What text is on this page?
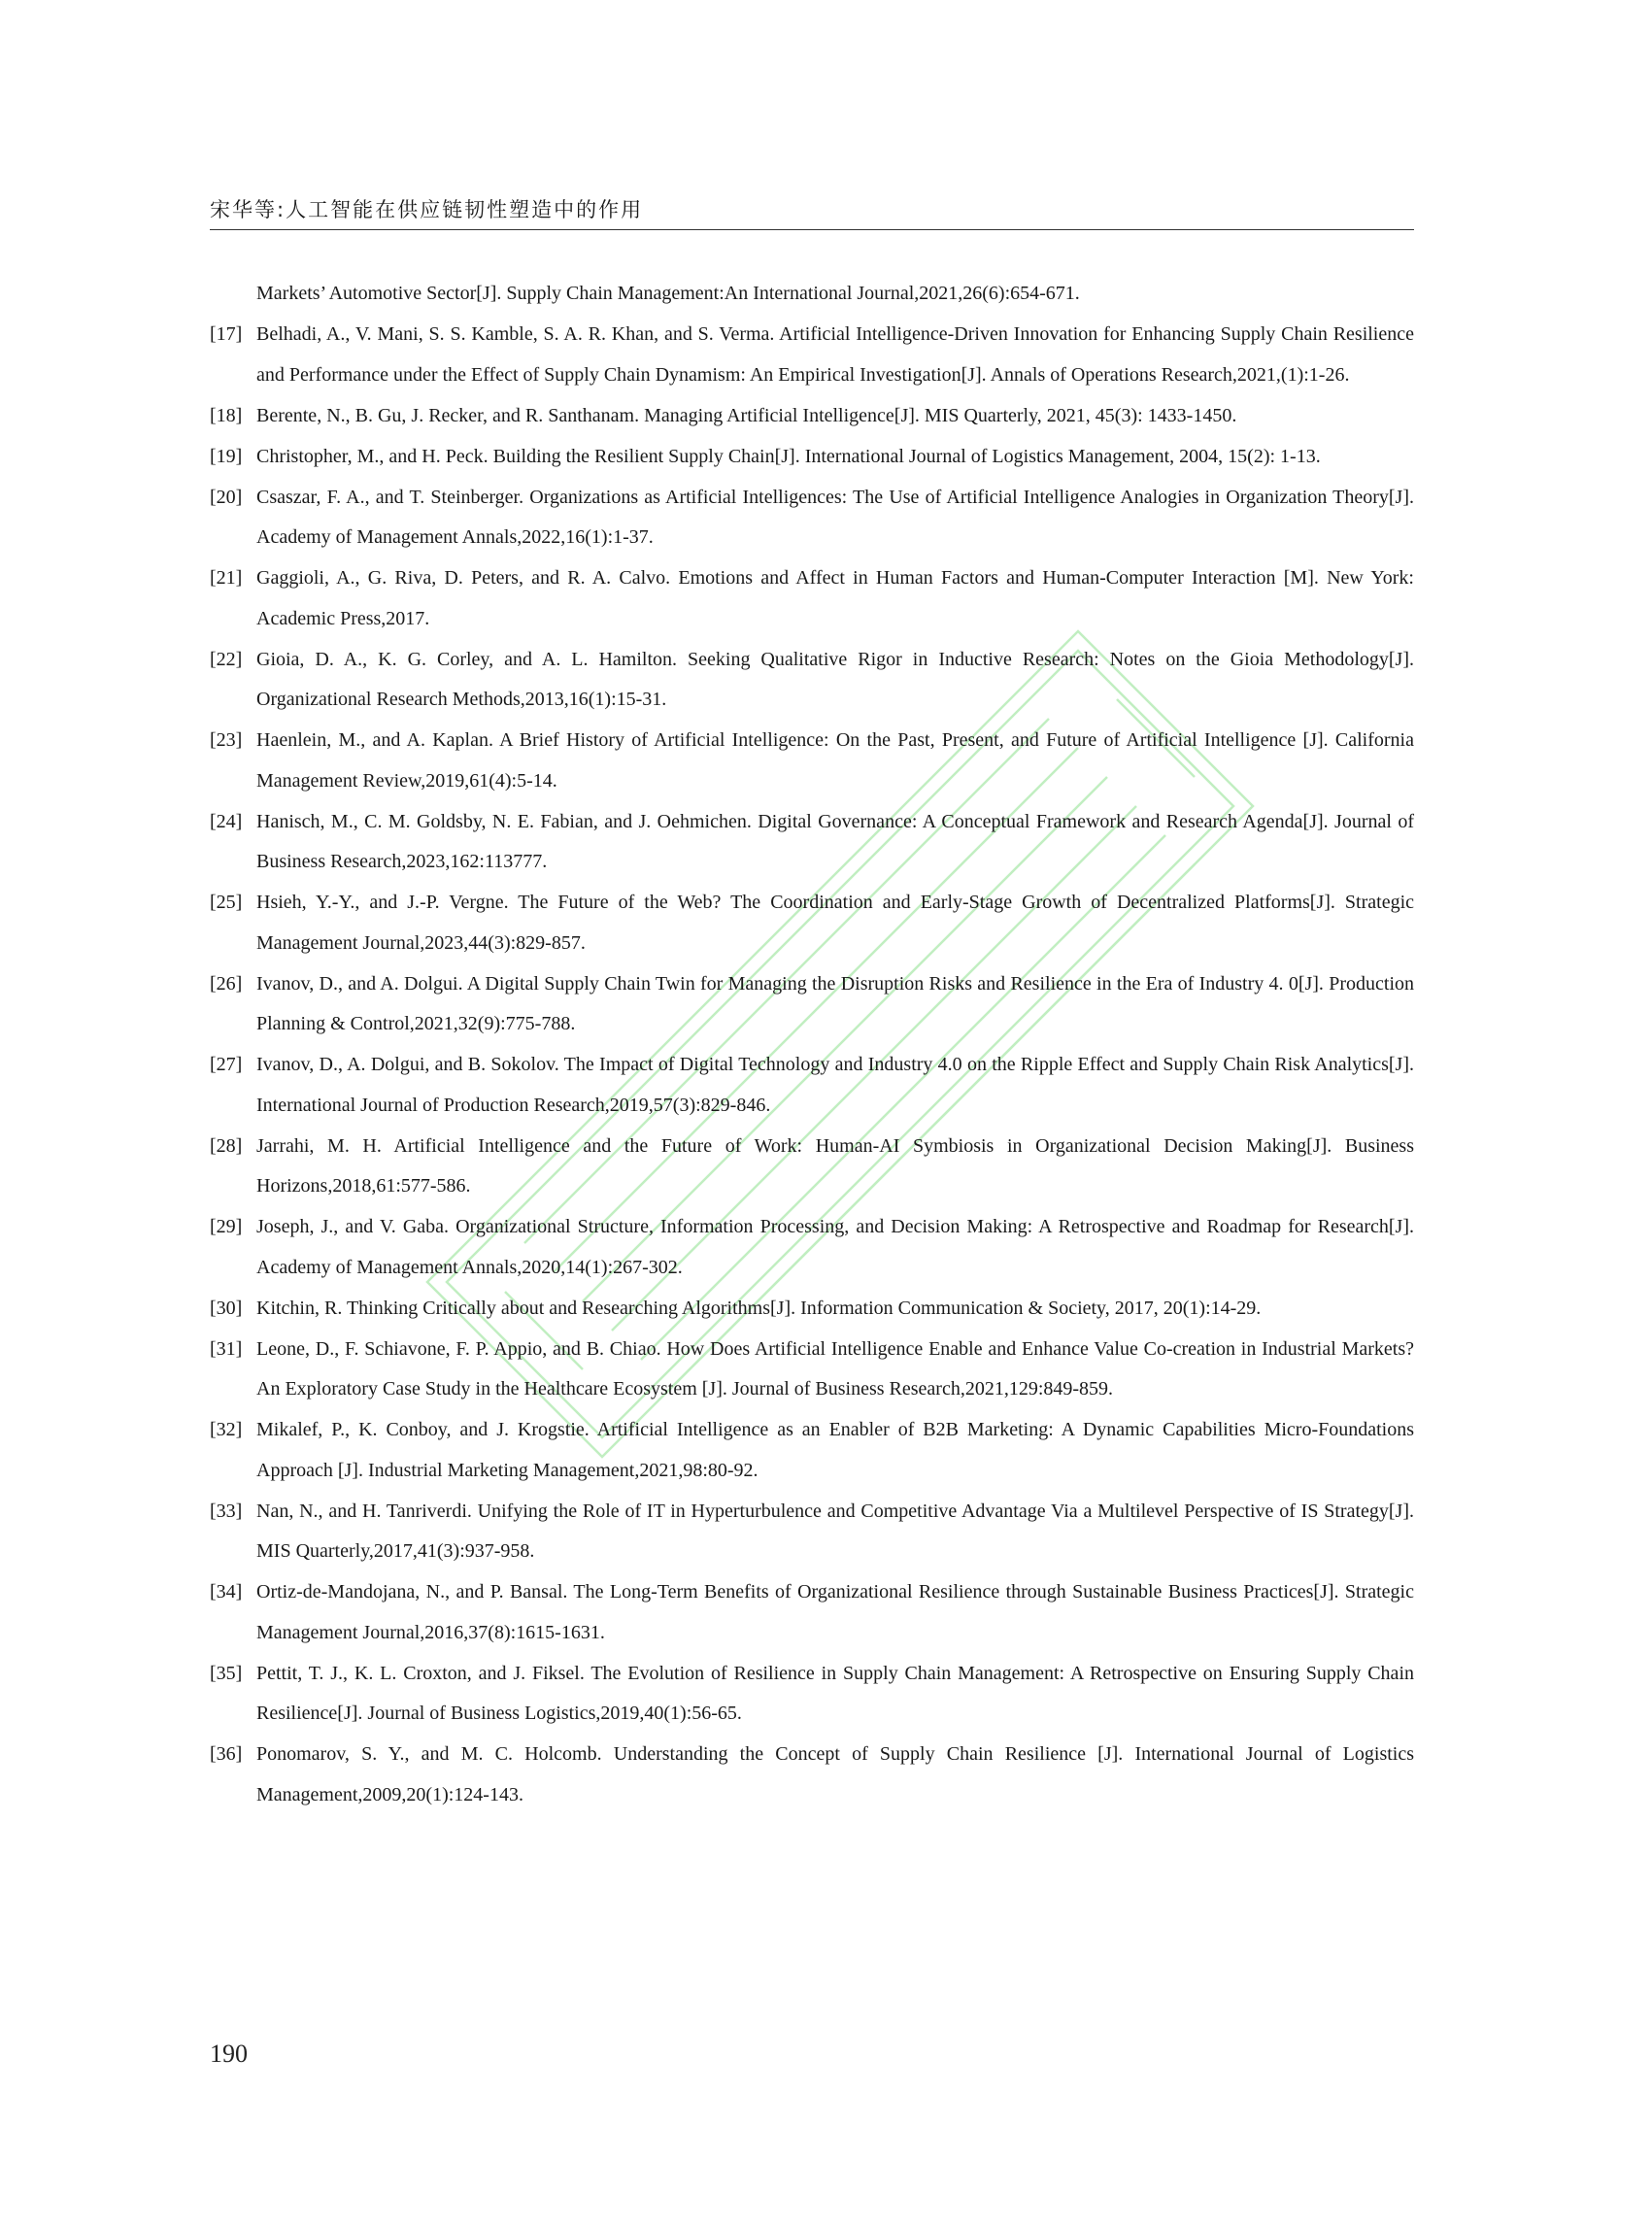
宋华等:人工智能在供应链韧性塑造中的作用
Markets’ Automotive Sector[J]. Supply Chain Management:An International Journal,2021,26(6):654-671.
[17] Belhadi, A., V. Mani, S. S. Kamble, S. A. R. Khan, and S. Verma. Artificial Intelligence-Driven Innovation for Enhancing Supply Chain Resilience and Performance under the Effect of Supply Chain Dynamism: An Empirical Investigation[J]. Annals of Operations Research,2021,(1):1-26.
[18] Berente, N., B. Gu, J. Recker, and R. Santhanam. Managing Artificial Intelligence[J]. MIS Quarterly, 2021, 45(3): 1433-1450.
[19] Christopher, M., and H. Peck. Building the Resilient Supply Chain[J]. International Journal of Logistics Management, 2004, 15(2): 1-13.
[20] Csaszar, F. A., and T. Steinberger. Organizations as Artificial Intelligences: The Use of Artificial Intelligence Analogies in Organization Theory[J]. Academy of Management Annals,2022,16(1):1-37.
[21] Gaggioli, A., G. Riva, D. Peters, and R. A. Calvo. Emotions and Affect in Human Factors and Human-Computer Interaction [M]. New York: Academic Press,2017.
[22] Gioia, D. A., K. G. Corley, and A. L. Hamilton. Seeking Qualitative Rigor in Inductive Research: Notes on the Gioia Methodology[J]. Organizational Research Methods,2013,16(1):15-31.
[23] Haenlein, M., and A. Kaplan. A Brief History of Artificial Intelligence: On the Past, Present, and Future of Artificial Intelligence [J]. California Management Review,2019,61(4):5-14.
[24] Hanisch, M., C. M. Goldsby, N. E. Fabian, and J. Oehmichen. Digital Governance: A Conceptual Framework and Research Agenda[J]. Journal of Business Research,2023,162:113777.
[25] Hsieh, Y.-Y., and J.-P. Vergne. The Future of the Web? The Coordination and Early-Stage Growth of Decentralized Platforms[J]. Strategic Management Journal,2023,44(3):829-857.
[26] Ivanov, D., and A. Dolgui. A Digital Supply Chain Twin for Managing the Disruption Risks and Resilience in the Era of Industry 4. 0[J]. Production Planning & Control,2021,32(9):775-788.
[27] Ivanov, D., A. Dolgui, and B. Sokolov. The Impact of Digital Technology and Industry 4.0 on the Ripple Effect and Supply Chain Risk Analytics[J]. International Journal of Production Research,2019,57(3):829-846.
[28] Jarrahi, M. H. Artificial Intelligence and the Future of Work: Human-AI Symbiosis in Organizational Decision Making[J]. Business Horizons,2018,61:577-586.
[29] Joseph, J., and V. Gaba. Organizational Structure, Information Processing, and Decision Making: A Retrospective and Roadmap for Research[J]. Academy of Management Annals,2020,14(1):267-302.
[30] Kitchin, R. Thinking Critically about and Researching Algorithms[J]. Information Communication & Society, 2017, 20(1):14-29.
[31] Leone, D., F. Schiavone, F. P. Appio, and B. Chiao. How Does Artificial Intelligence Enable and Enhance Value Co-creation in Industrial Markets? An Exploratory Case Study in the Healthcare Ecosystem [J]. Journal of Business Research,2021,129:849-859.
[32] Mikalef, P., K. Conboy, and J. Krogstie. Artificial Intelligence as an Enabler of B2B Marketing: A Dynamic Capabilities Micro-Foundations Approach [J]. Industrial Marketing Management,2021,98:80-92.
[33] Nan, N., and H. Tanriverdi. Unifying the Role of IT in Hyperturbulence and Competitive Advantage Via a Multilevel Perspective of IS Strategy[J]. MIS Quarterly,2017,41(3):937-958.
[34] Ortiz-de-Mandojana, N., and P. Bansal. The Long-Term Benefits of Organizational Resilience through Sustainable Business Practices[J]. Strategic Management Journal,2016,37(8):1615-1631.
[35] Pettit, T. J., K. L. Croxton, and J. Fiksel. The Evolution of Resilience in Supply Chain Management: A Retrospective on Ensuring Supply Chain Resilience[J]. Journal of Business Logistics,2019,40(1):56-65.
[36] Ponomarov, S. Y., and M. C. Holcomb. Understanding the Concept of Supply Chain Resilience [J]. International Journal of Logistics Management,2009,20(1):124-143.
190
